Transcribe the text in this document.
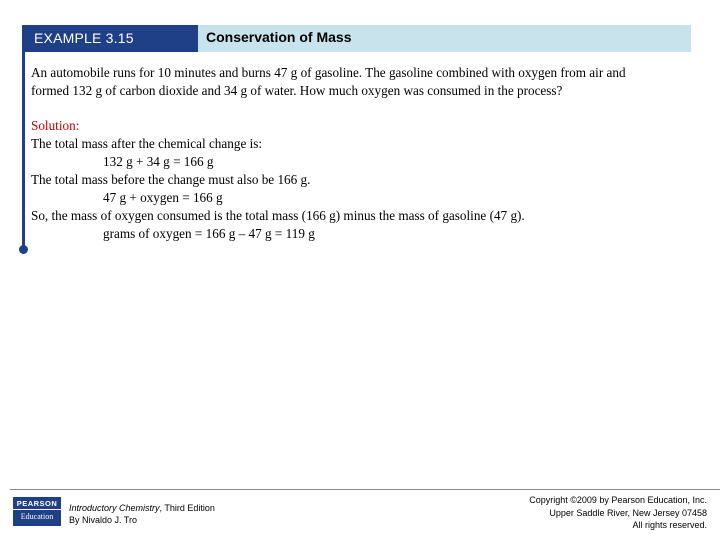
EXAMPLE 3.15	Conservation of Mass
An automobile runs for 10 minutes and burns 47 g of gasoline. The gasoline combined with oxygen from air and
formed 132 g of carbon dioxide and 34 g of water. How much oxygen was consumed in the process?
Solution:
The total mass after the chemical change is:
132 g + 34 g = 166 g
The total mass before the change must also be 166 g.
47 g + oxygen = 166 g
So, the mass of oxygen consumed is the total mass (166 g) minus the mass of gasoline (47 g).
grams of oxygen = 166 g – 47 g = 119 g
PEARSON
Education
Introductory Chemistry, Third Edition
By Nivaldo J. Tro
Copyright ©2009 by Pearson Education, Inc.
Upper Saddle River, New Jersey 07458
All rights reserved.
